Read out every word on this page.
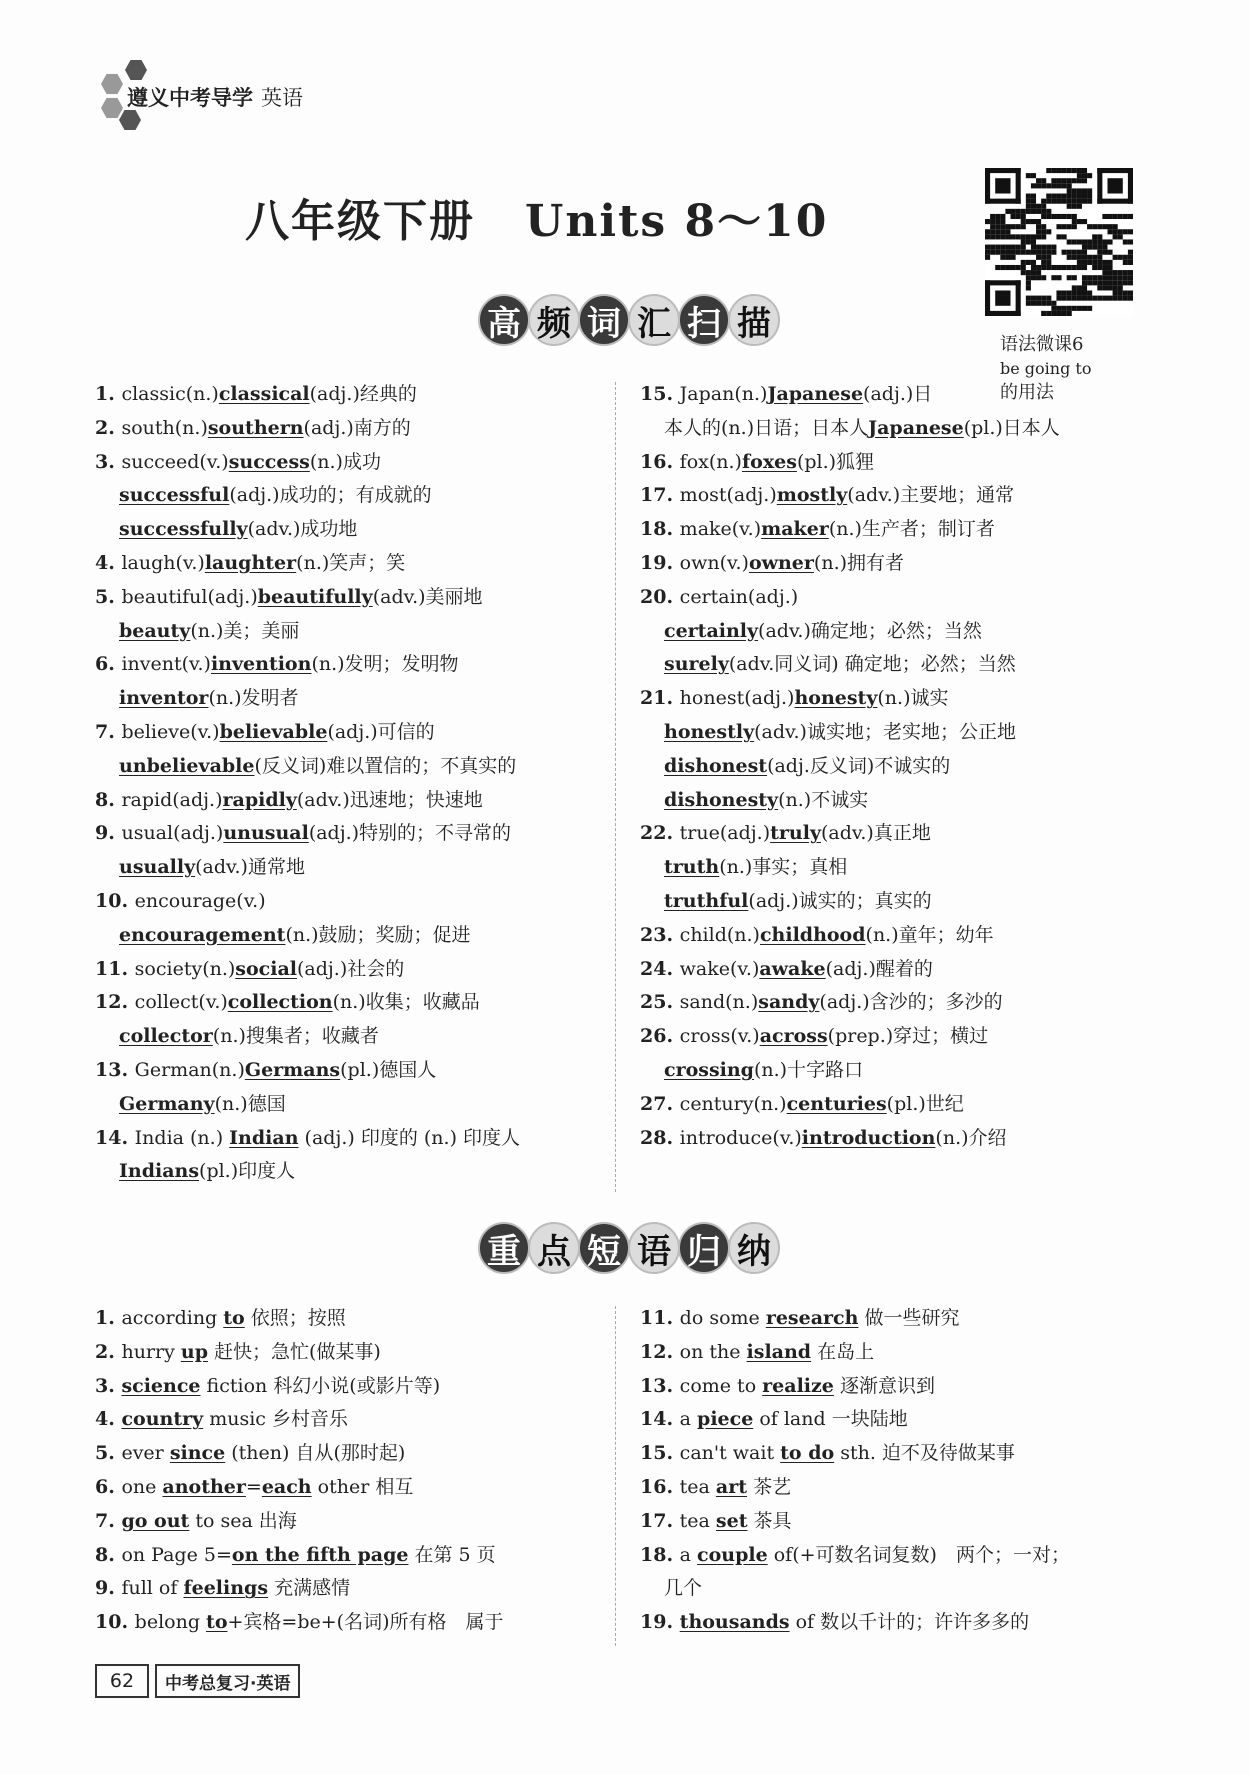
遵义中考导学 英语
八年级下册 Units 8～10
语法微课6
be going to
的用法
高 频 词 汇 扫 描
1. classic(n.)classical(adj.)经典的
2. south(n.)southern(adj.)南方的
3. succeed(v.)success(n.)成功
successful(adj.)成功的；有成就的
successfully(adv.)成功地
4. laugh(v.)laughter(n.)笑声；笑
5. beautiful(adj.)beautifully(adv.)美丽地
beauty(n.)美；美丽
6. invent(v.)invention(n.)发明；发明物
inventor(n.)发明者
7. believe(v.)believable(adj.)可信的
unbelievable(反义词)难以置信的；不真实的
8. rapid(adj.)rapidly(adv.)迅速地；快速地
9. usual(adj.)unusual(adj.)特别的；不寻常的
usually(adv.)通常地
10. encourage(v.)
encouragement(n.)鼓励；奖励；促进
11. society(n.)social(adj.)社会的
12. collect(v.)collection(n.)收集；收藏品
collector(n.)搜集者；收藏者
13. German(n.)Germans(pl.)德国人
Germany(n.)德国
14. India (n.) Indian (adj.) 印度的 (n.) 印度人
Indians(pl.)印度人
15. Japan(n.)Japanese(adj.)日
本人的(n.)日语；日本人Japanese(pl.)日本人
16. fox(n.)foxes(pl.)狐狸
17. most(adj.)mostly(adv.)主要地；通常
18. make(v.)maker(n.)生产者；制订者
19. own(v.)owner(n.)拥有者
20. certain(adj.)
certainly(adv.)确定地；必然；当然
surely(adv.同义词) 确定地；必然；当然
21. honest(adj.)honesty(n.)诚实
honestly(adv.)诚实地；老实地；公正地
dishonest(adj.反义词)不诚实的
dishonesty(n.)不诚实
22. true(adj.)truly(adv.)真正地
truth(n.)事实；真相
truthful(adj.)诚实的；真实的
23. child(n.)childhood(n.)童年；幼年
24. wake(v.)awake(adj.)醒着的
25. sand(n.)sandy(adj.)含沙的；多沙的
26. cross(v.)across(prep.)穿过；横过
crossing(n.)十字路口
27. century(n.)centuries(pl.)世纪
28. introduce(v.)introduction(n.)介绍
重 点 短 语 归 纳
1. according to 依照；按照
2. hurry up 赶快；急忙(做某事)
3. science fiction 科幻小说(或影片等)
4. country music 乡村音乐
5. ever since (then) 自从(那时起)
6. one another=each other 相互
7. go out to sea 出海
8. on Page 5=on the fifth page 在第 5 页
9. full of feelings 充满感情
10. belong to+宾格=be+(名词)所有格　属于
11. do some research 做一些研究
12. on the island 在岛上
13. come to realize 逐渐意识到
14. a piece of land 一块陆地
15. can't wait to do sth. 迫不及待做某事
16. tea art 茶艺
17. tea set 茶具
18. a couple of(+可数名词复数)　两个；一对；
几个
19. thousands of 数以千计的；许许多多的
62	中考总复习·英语
